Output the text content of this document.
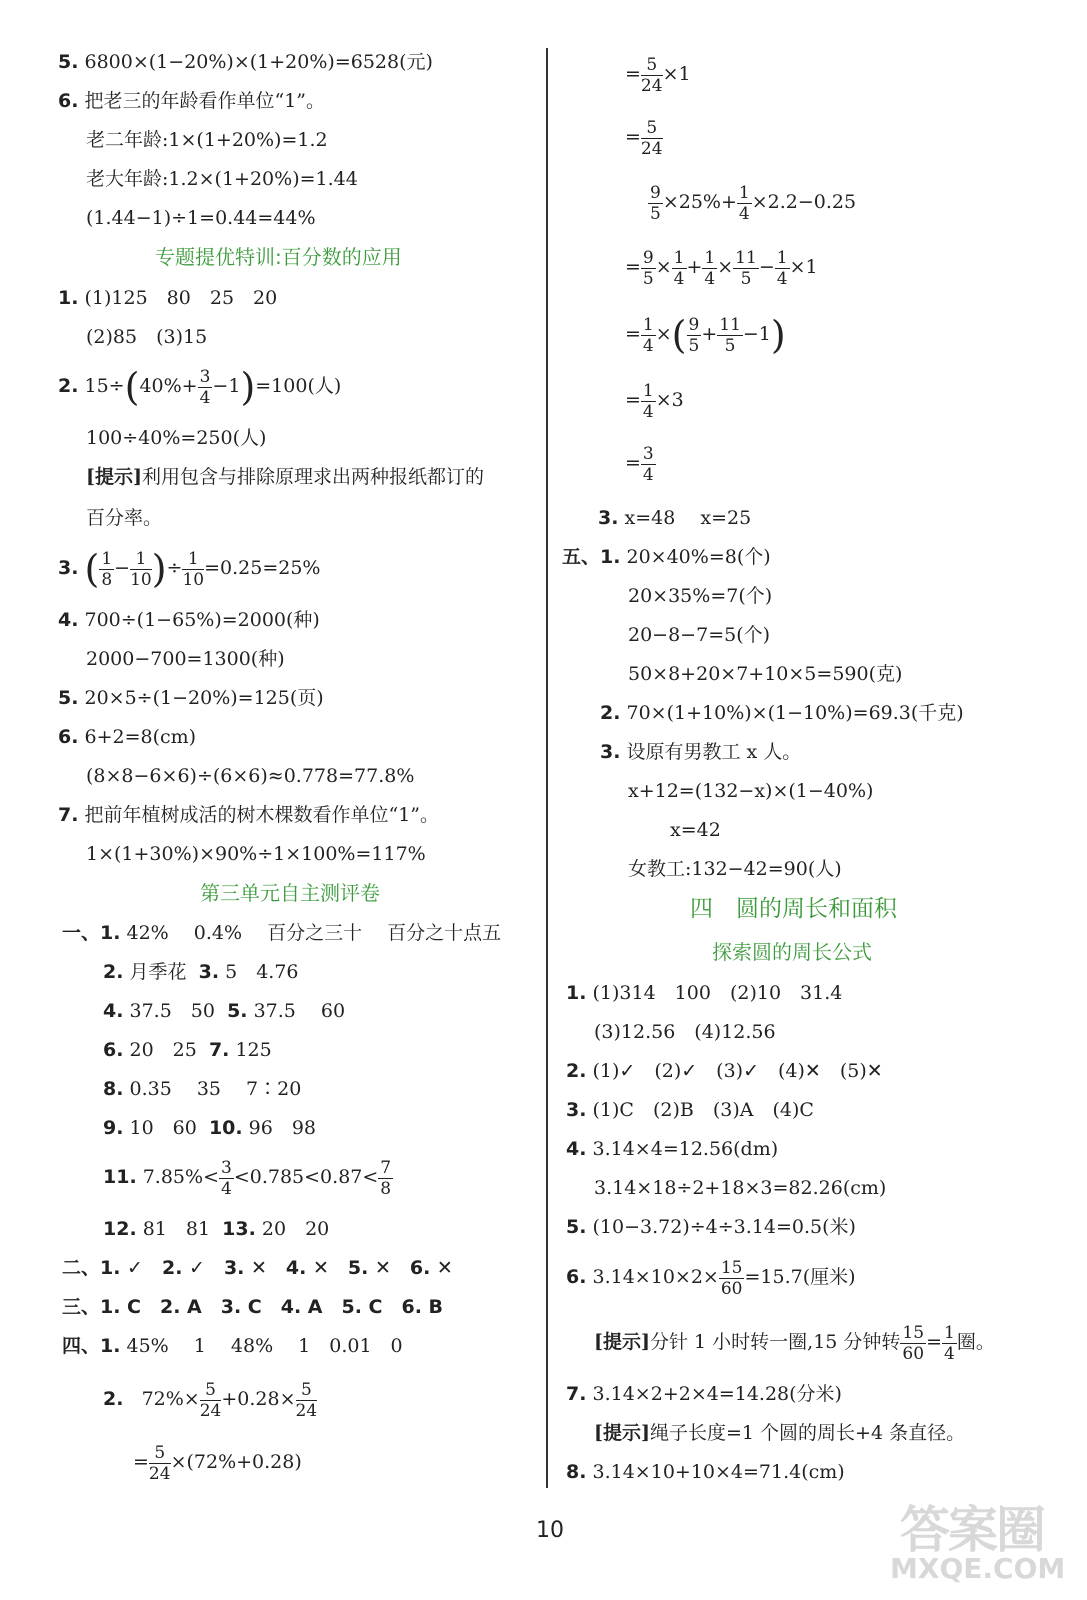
5. 6800×(1−20%)×(1+20%)=6528(元)
6. 把老三的年龄看作单位“1”。
老二年龄:1×(1+20%)=1.2
老大年龄:1.2×(1+20%)=1.44
(1.44−1)÷1=0.44=44%
专题提优特训:百分数的应用
1. (1)125　80　25　20
(2)85　(3)15
2. $15\div(40\%+ \frac{3}{4} -1)=100$(人)
100÷40%=250(人)
[提示]利用包含与排除原理求出两种报纸都订的
百分率。
3. ( $\frac{1}{8} - \frac{1}{10}$ )÷ $\frac{1}{10} =0.25=25\%$
4. 700÷(1−65%)=2000(种)
2000−700=1300(种)
5. 20×5÷(1−20%)=125(页)
6. 6+2=8(cm)
(8×8−6×6)÷(6×6)≈0.778=77.8%
7. 把前年植树成活的树木棵数看作单位“1”。
1×(1+30%)×90%÷1×100%=117%
第三单元自主测评卷
一、1. 42%　 0.4%　 百分之三十　 百分之十点五
2. 月季花 3. 5　4.76
4. 37.5　50 5. 37.5　 60
6. 20　25 7. 125
8. 0.35　 35　 7∶20
9. 10　60 10. 96　98
11. $7.85\%< \frac{3}{4} <0.785<0.87< \frac{7}{8}$
12. 81　81 13. 20　20
二、1. ✓　2. ✓　3. ✕　4. ✕　5. ✕　6. ✕
三、1. C　2. A　3. C　4. A　5. C　6. B
四、1. 45%　 1　 48%　 1　0.01　0
2. $72\%\times \frac{5}{24} +0.28\times \frac{5}{24}$
= $\frac{5}{24} \times(72\%+0.28)$
= $\frac{5}{24} \times 1$
= $\frac{5}{24}$
$\frac{9}{5} \times 25\%+ \frac{1}{4} \times 2.2-0.25$
= $\frac{9}{5} \times \frac{1}{4} + \frac{1}{4} \times \frac{11}{5} - \frac{1}{4} \times 1$
= $\frac{1}{4}$ ×( $\frac{9}{5} + \frac{11}{5} -1$)
= $\frac{1}{4} \times 3$
= $\frac{3}{4}$
3. x=48　 x=25
五、1. 20×40%=8(个)
20×35%=7(个)
20−8−7=5(个)
50×8+20×7+10×5=590(克)
2. 70×(1+10%)×(1−10%)=69.3(千克)
3. 设原有男教工 x 人。
x+12=(132−x)×(1−40%)
x=42
女教工:132−42=90(人)
四　圆的周长和面积
探索圆的周长公式
1. (1)314　100　(2)10　31.4
(3)12.56　(4)12.56
2. (1)✓　(2)✓　(3)✓　(4)✕　(5)✕
3. (1)C　(2)B　(3)A　(4)C
4. 3.14×4=12.56(dm)
3.14×18÷2+18×3=82.26(cm)
5. (10−3.72)÷4÷3.14=0.5(米)
6. $3.14\times 10\times 2\times \frac{15}{60} =15.7$(厘米)
[提示]分针 1 小时转一圈,15 分钟转 $\frac{15}{60} = \frac{1}{4}$ 圈。
7. 3.14×2+2×4=14.28(分米)
[提示]绳子长度=1 个圆的周长+4 条直径。
8. 3.14×10+10×4=71.4(cm)
10	答案圈
MXQE.COM
